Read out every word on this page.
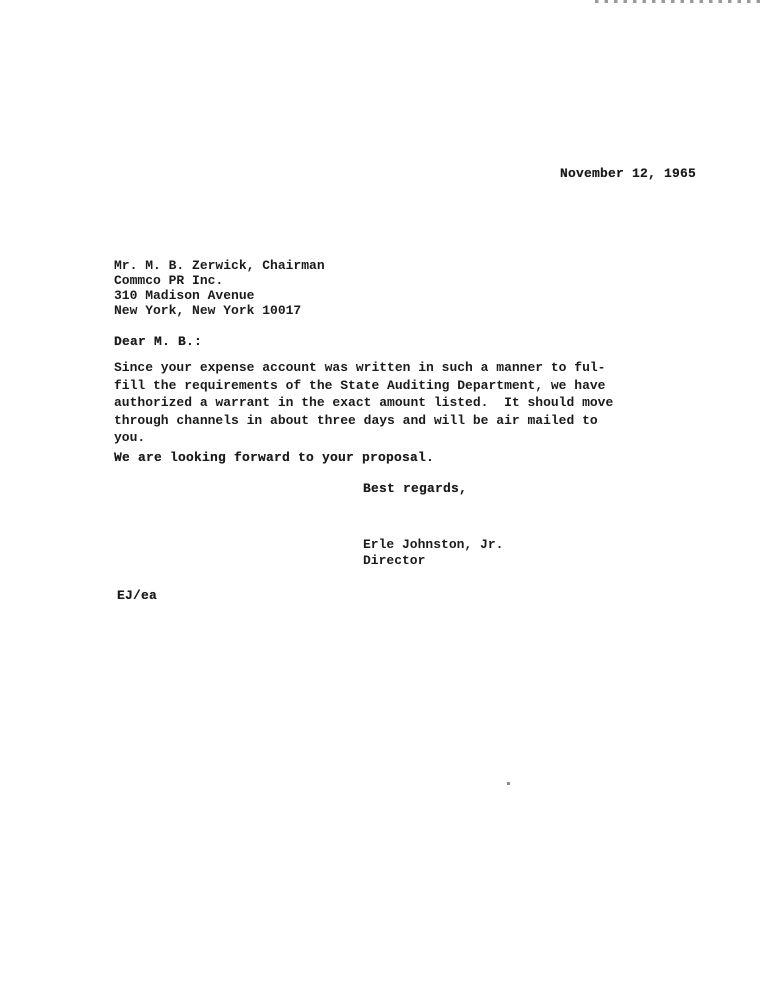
November 12, 1965
Mr. M. B. Zerwick, Chairman
Commco PR Inc.
310 Madison Avenue
New York, New York 10017
Dear M. B.:
Since your expense account was written in such a manner to ful-
fill the requirements of the State Auditing Department, we have
authorized a warrant in the exact amount listed.  It should move
through channels in about three days and will be air mailed to
you.
We are looking forward to your proposal.
Best regards,
Erle Johnston, Jr.
Director
EJ/ea
